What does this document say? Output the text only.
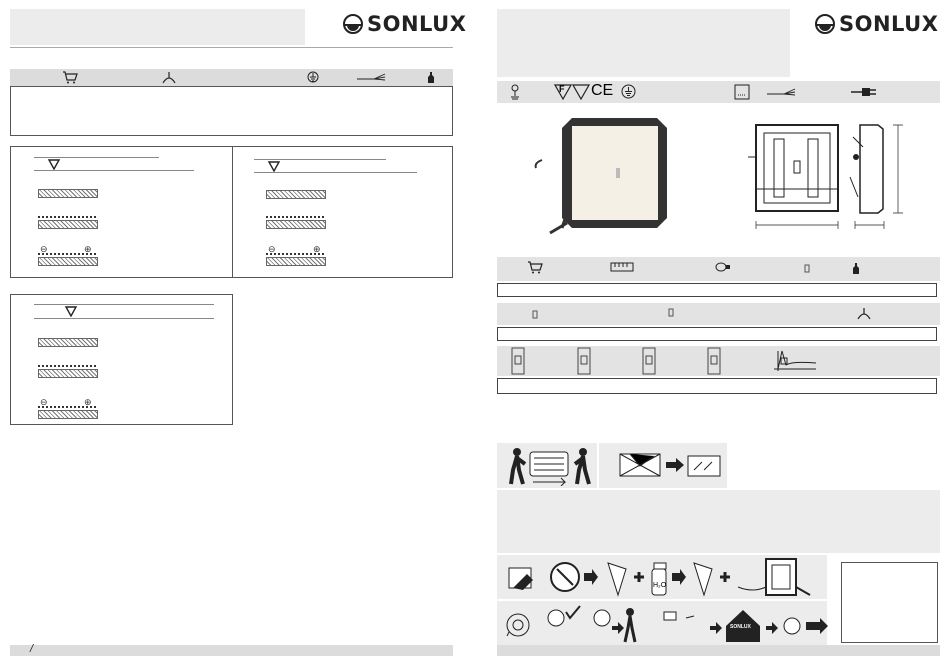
SONLUX
⊖	⊕	⊖	⊕
⊖	⊕
/
SONLUX
F CE
H₂O
SONLUX
